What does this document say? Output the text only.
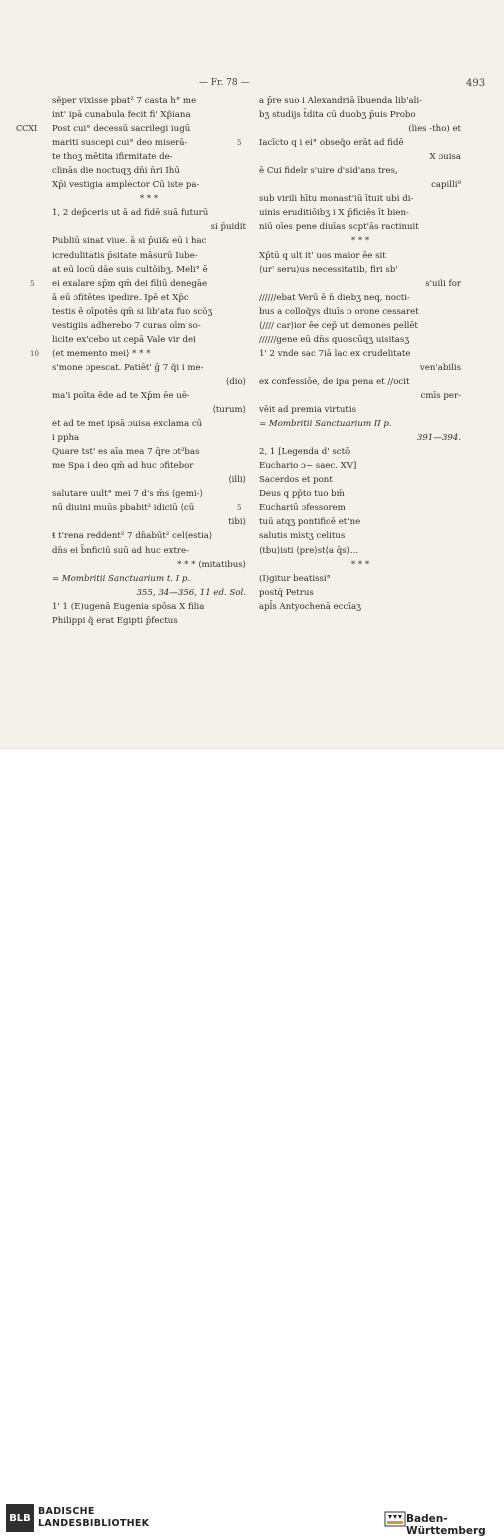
— Fr. 78 —	493
sẽper vixisse pbat² 7 casta h° me
int' ipā cunabula fecit fi' Xp̃iana
Post cui° decessū sacrilegi iugū
CCXI
mariti suscepi cui° deo miserā-
te thoʒ mētita ifirmitate de-
clinās die noctuqʒ dn̄i n̄ri Ihū
Xp̄i vestigia amplector Cū iste pa-
* * *
1, 2 dep̄ceris ut ā ad fidē suā futurū
si p̄uidit
Publiū sinat viue. ā si p̄ui& eū i hac
icredulitatis p̄sitate māsurū Iube-
at eū locū dāe suis cultōibʒ. Meli° ē
ei exalare sp̄m qm̄ dei filiū denegāe
5
ā eū ɔfitētes ipedire. Ipē et Xp̄c
testis ē oīpotēs qm̄ si lib'ata fuo scōʒ
vestigiis adherebo 7 curas oīm so-
licite ex'cebo ut cepā Vale vir dei
⟨et memento mei⟩ * * *
10
s'mone ɔpescat. Patiēt' ḡ 7 q̃i i me-
⟨dio⟩
ma'i poīta ēde ad te Xp̄m ēe uē-
⟨turum⟩
et ad te met ipsā ɔuisa exclama cū
i ppha
Quare tst' es aīa mea 7 q̄re ɔt²bas
me Spa i deo qm̄ ad huc ɔfitebor
⟨illi⟩
salutare uult° mei 7 d's m̄s ⟨gemi-⟩
nū diuini muūs pbabit² idiciū ⟨cū
tibi⟩
ŧ t'rena reddent² 7 dn̄abūt² cel⟨estia⟩
dn̄s ei b̄nficiū suū ad huc extre-
* * * ⟨mitatibus⟩
= Mombritii Sanctuarium t. I p.
355, 34—356, 11 ed. Sol.
1' 1 (E)ugenā Eugenia spōsa X filia
Philippi q̃ erat Egipti p̄fectus
a p̄re suo i Alexandriā ībuenda lib'ali-
bʒ studijs t̄dita cū duobʒ p̄uis Probo
(lies -tho) et
Iacīcto q i ei° obseq̃o erāt ad fidē
5
X ɔuisa
ē Cui fidelr s'uire d'sid'ans tres,
capilli⁹
sub virili hītu monast'iū ītuit ubi di-
uinis eruditiōibʒ i X p̄ficiēs īt bien-
niū oīes pene diuīas scpt'ās ractinuit
* * *
Xp̄tū q ult it' uos maior ēe sit
⟨ur' seru⟩us necessitatib, firi sb'
s'uili for
//////ebat Verū ē n̄ diebʒ neq, nocti-
bus a colloq̃ys diuīs ɔ orone cessaret
⟨//// car⟩ior ēe cep̄ ut demones pellēt
//////gene eū dn̄s quoscūqʒ uisitasʒ
1' 2 vnde sac 7iā lac ex crudelitate
ven'abilis
ex confessiōe, de ipa pena et //ocit
cmīs per-
vēit ad premia virtutis
= Mombritii Sanctuarium II p.
391—394.
2, 1 [Legenda d' sctō
Euchario ɔ~ saec. XV]
Sacerdos et pont
Deus q pp̄to tuo bm̄
Euchariū ɔfessorem
5
tuū atqʒ pontificē et'ne
salutis mistʒ celitus
⟨tbu⟩isti ⟨pre⟩st⟨a q̄s⟩...
* * *
(I)gitur beatissi°
postq̄ Petrus
apl̄s Antyochenā eccīaʒ
BLB
BADISCHE
LANDESBIBLIOTHEK	Baden-Württemberg
